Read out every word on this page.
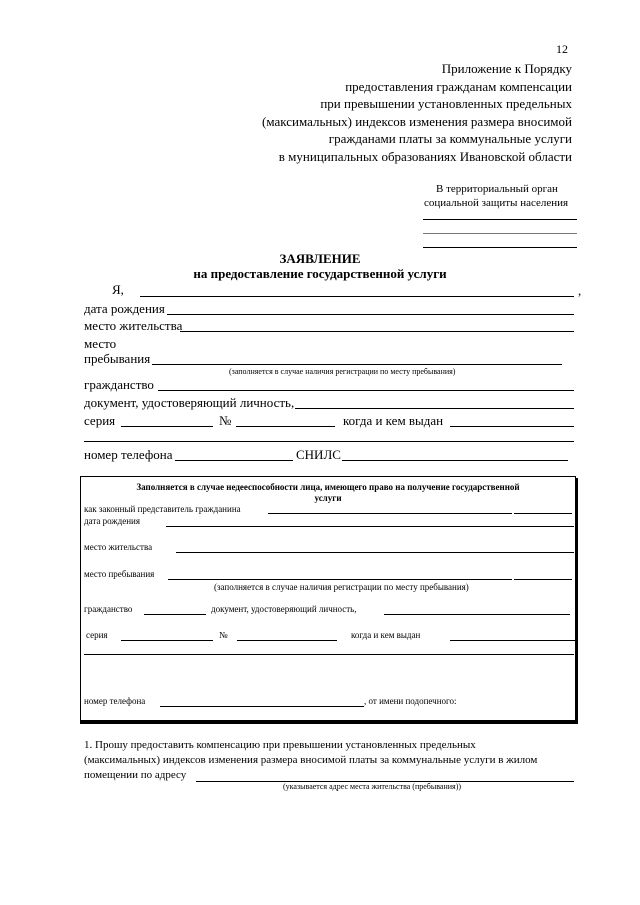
12
Приложение к Порядку
предоставления гражданам компенсации
при превышении установленных предельных
(максимальных) индексов изменения размера вносимой
гражданами платы за коммунальные услуги
в муниципальных образованиях Ивановской области
В территориальный орган
социальной защиты населения
ЗАЯВЛЕНИЕ
на предоставление государственной услуги
Я,	,
дата рождения
место жительства
место
пребывания
(заполняется в случае наличия регистрации по месту пребывания)
гражданство
документ, удостоверяющий личность,
серия	№	когда и кем выдан
номер телефона	СНИЛС
Заполняется в случае недееспособности лица, имеющего право на получение государственной
услуги
как законный представитель гражданина
дата рождения
место жительства
место пребывания
(заполняется в случае наличия регистрации по месту пребывания)
гражданство	документ, удостоверяющий личность,
серия	№	когда и кем выдан
номер телефона	, от имени подопечного:
1. Прошу предоставить компенсацию при превышении установленных предельных
(максимальных) индексов изменения размера вносимой платы за коммунальные услуги в жилом
помещении по адресу
(указывается адрес места жительства (пребывания))
